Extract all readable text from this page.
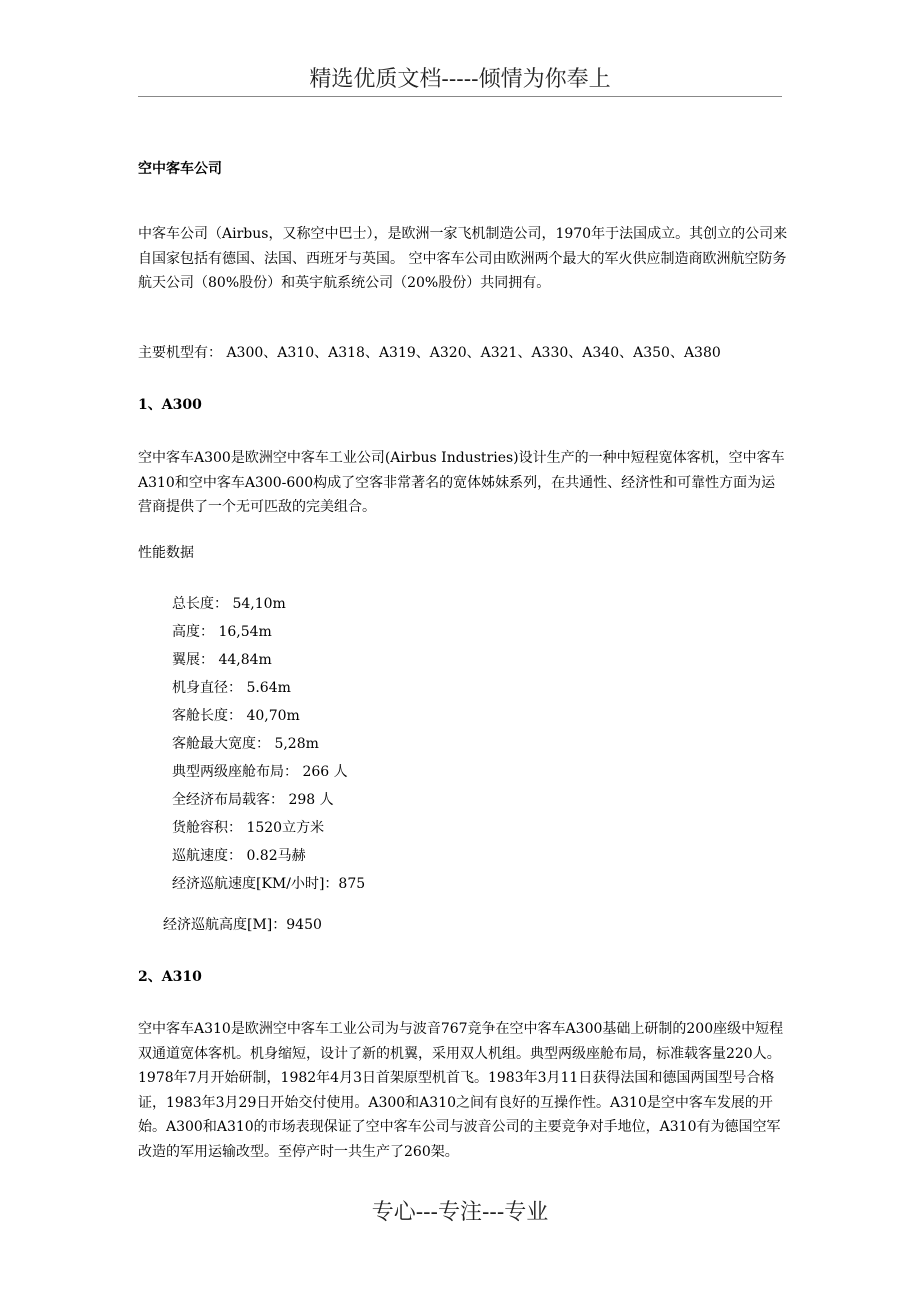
精选优质文档-----倾情为你奉上
空中客车公司

中客车公司（Airbus，又称空中巴士），是欧洲一家飞机制造公司，1970年于法国成立。其创立的公司来自国家包括有德国、法国、西班牙与英国。 空中客车公司由欧洲两个最大的军火供应制造商欧洲航空防务航天公司（80%股份）和英宇航系统公司（20%股份）共同拥有。

主要机型有： A300、A310、A318、A319、A320、A321、A330、A340、A350、A380
1、A300

空中客车A300是欧洲空中客车工业公司(Airbus Industries)设计生产的一种中短程宽体客机，空中客车A310和空中客车A300-600构成了空客非常著名的宽体姊妹系列，在共通性、经济性和可靠性方面为运营商提供了一个无可匹敌的完美组合。

性能数据
总长度： 54,10m
高度： 16,54m
翼展： 44,84m
机身直径： 5.64m
客舱长度： 40,70m
客舱最大宽度： 5,28m
典型两级座舱布局： 266 人
全经济布局载客： 298 人
货舱容积： 1520立方米
巡航速度： 0.82马赫
经济巡航速度[KM/小时]：875
经济巡航高度[M]：9450
2、A310

空中客车A310是欧洲空中客车工业公司为与波音767竞争在空中客车A300基础上研制的200座级中短程双通道宽体客机。机身缩短，设计了新的机翼，采用双人机组。典型两级座舱布局，标准载客量220人。1978年7月开始研制，1982年4月3日首架原型机首飞。1983年3月11日获得法国和德国两国型号合格证，1983年3月29日开始交付使用。A300和A310之间有良好的互操作性。A310是空中客车发展的开始。A300和A310的市场表现保证了空中客车公司与波音公司的主要竞争对手地位，A310有为德国空军改造的军用运输改型。至停产时一共生产了260架。

专心---专注---专业
